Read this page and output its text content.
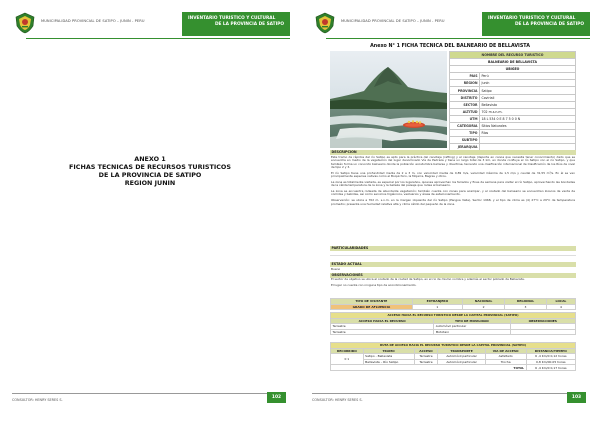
MUNICIPALIDAD PROVINCIAL DE SATIPO – JUNIN - PERU	INVENTARIO TURISTICO Y CULTURAL
DE LA PROVINCIA DE SATIPO
ANEXO 1
FICHAS TECNICAS DE RECURSOS TURISTICOS
DE LA PROVINCIA DE SATIPO
REGION JUNIN
CONSULTOR: HENRY SERES S.	102
MUNICIPALIDAD PROVINCIAL DE SATIPO – JUNIN - PERU	INVENTARIO TURISTICO Y CULTURAL
DE LA PROVINCIA DE SATIPO
Anexo N° 1 FICHA TECNICA DEL BALNEARIO DE BELLAVISTA
NOMBRE DEL RECURSO TURISTICO	
BALNEARIO DE BELLAVISTA	
UBIGEO	
PAIS	Perú
REGION	Junín
PROVINCIA	Satipo
DISTRITO	Coviriali
SECTOR	Bellavista
ALTITUD	702 m.s.n.m.
UTM	18 L 534 0 E 8 7 5 0 0 N
CATEGORIA	Sitios Naturales
TIPO	Ríos
SUBTIPO	
JERARQUIA	
DESCRIPCION
Este tramo de rápidos del río Satipo es apto para la práctica del canotaje (rafting) y el canotaje (deporte en canoa que necesita tener conocimiento) dado que se encuentra en medio de la vegetación del lugar denominado Vía de Pedraza y tiene un largo total de 3 km, en donde confluye el río Satipo con el río Satipo, y que también forma un conocido balneario donde la población acostumbra bañarse y divertirse, teniendo una clasificación internacional de Clasificación de los Ríos de nivel de tipo 2 y 3.
El río Satipo tiene una profundidad media de 2 a 3 m, con velocidad media de 0,89 m/s, velocidad máxima de 1,5 m/s y caudal de 31,55 m³/s. En él se ven principalmente especies nativas como el Boquichico, la Mojarra, Bagres y otros.
La zona es totalmente visitada, es especial por los lugareños, quienes aprovechan los feriados y fines de semana para visitar el río Satipo, aprovechando las bondades de la cálida temperatura de la zona y la belleza del paisaje que rodea al balneario.
La zona se encuentra rodeada de abundante vegetación; también cuenta con zonas para acampar, y al costado del balneario se encuentran kioscos de venta de comidas y bebidas, así como servicios higiénicos, vestuarios y áreas de estacionamiento.
Observación: se ubica a 702 m. s.n.m. en la margen izquierda del río Satipo (Pangoa Valle), Sector 1968, y el tipo de clima es (4) 27°C a 29°C de temperatura promedio; presenta una humedad relativa alta y clima cálido del pequeño de la zona.
PARTICULARIDADES
ESTADO ACTUAL
Bueno
OBSERVACIONES
El sector de objetivo se ubica al costado de la ciudad de Satipo, en el rio de mismo nombre y además el sector poblado de Bellavista.
El lugar no cuenta con ninguna tipo de acondicionamiento.
TIPO DE VISITANTE	EXTRANJERO	NACIONAL	REGIONAL	LOCAL
GRADO DE AFLUENCIA	1	2	3	4
ACCESO HACIA EL RECURSO TURISTICO DESDE LA CAPITAL PROVINCIAL (SATIPO)		
ACCESO HACIA EL RECURSO	TIPO DE MOVILIDAD	OBSERVACIONES
Terrestre	Automóvil particular	
Terrestre	Mototaxi	
RUTA DE ACCESO HACIA EL RECURSO TURISTICO DESDE LA CAPITAL PROVINCIAL (SATIPO)					
RECORRIDO	TRAMO	ACCESO	TRANSPORTE	VIA DE ACCESO	DISTANCIA/TIEMPO
0 1	Satipo - Bellavista	Terrestre	Automóvil particular	Asfaltado	6 ,4 Km/0 0,12 horas
	Bellavista – Río Satipo	Terrestre	Automóvil particular	Trocha	0,8 Km/00.05 horas
TOTAL					6 ,4 Km/0 0,17 horas
CONSULTOR: HENRY SERES S.	103
